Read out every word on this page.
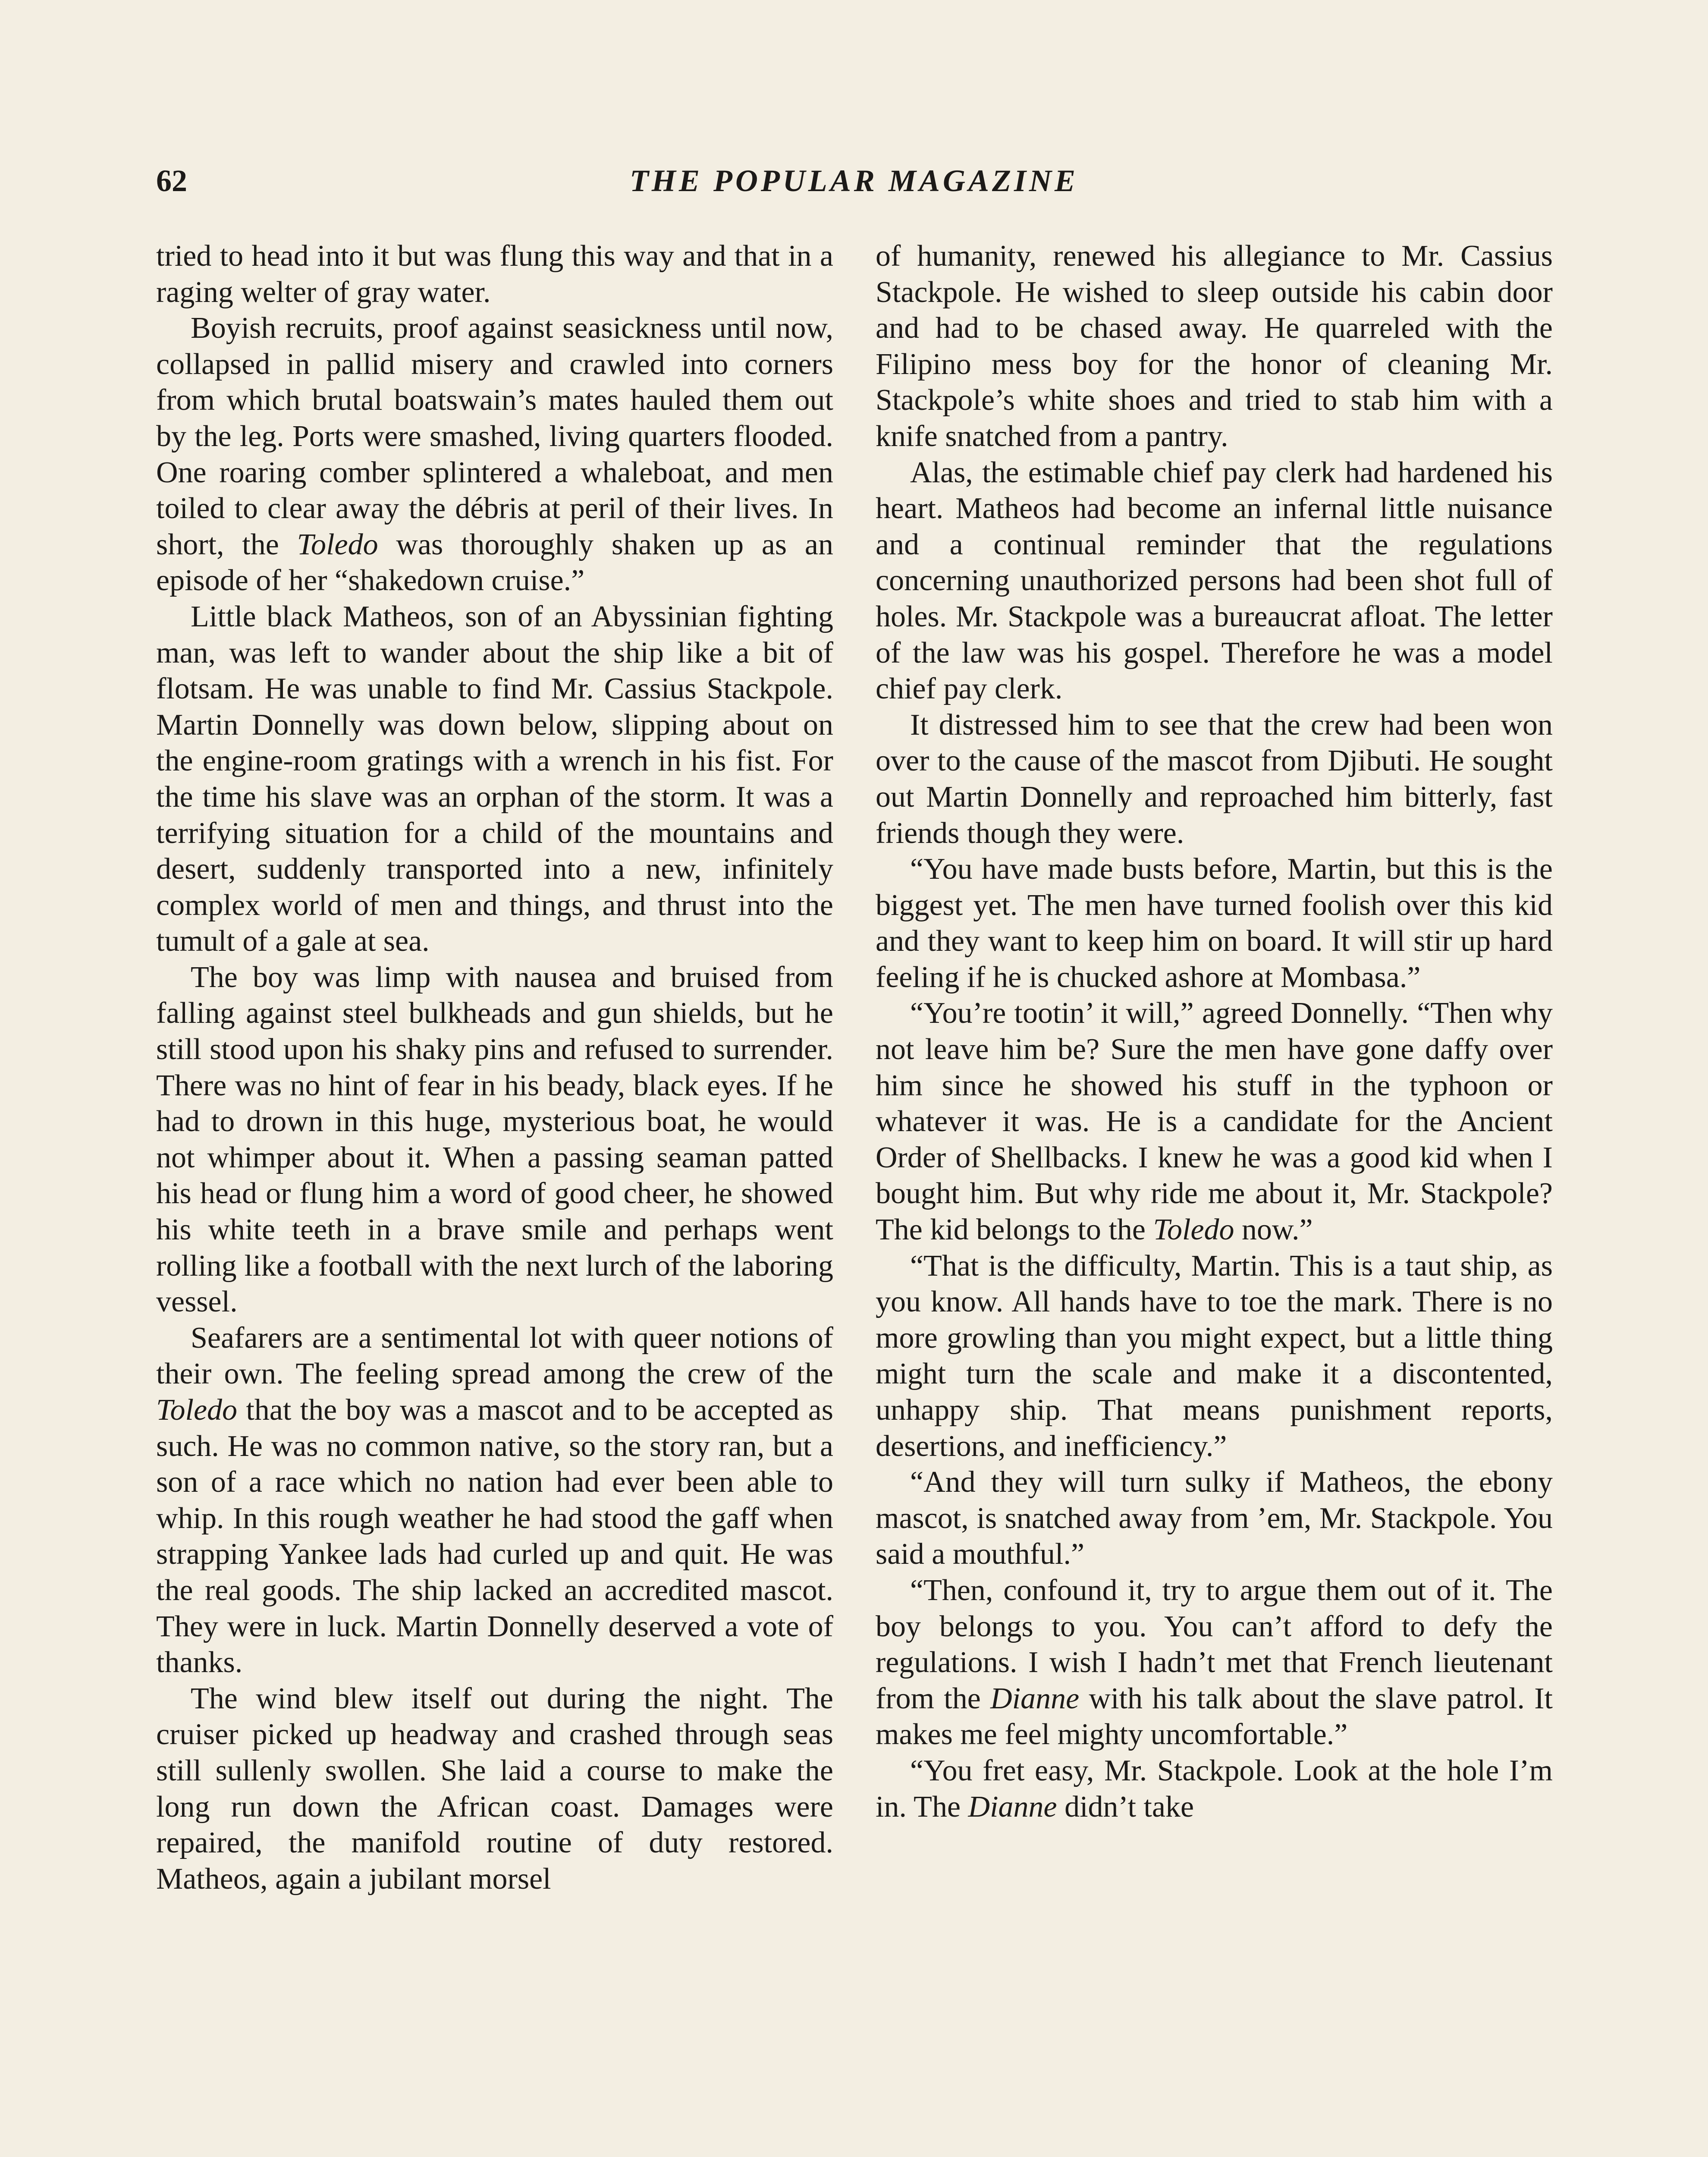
62	THE POPULAR MAGAZINE

tried to head into it but was flung this way and that in a raging welter of gray water.

Boyish recruits, proof against seasickness until now, collapsed in pallid misery and crawled into corners from which brutal boatswain’s mates hauled them out by the leg. Ports were smashed, living quarters flooded. One roaring comber splintered a whaleboat, and men toiled to clear away the débris at peril of their lives. In short, the Toledo was thoroughly shaken up as an episode of her “shakedown cruise.”

Little black Matheos, son of an Abyssinian fighting man, was left to wander about the ship like a bit of flotsam. He was unable to find Mr. Cassius Stackpole. Martin Donnelly was down below, slipping about on the engine-room gratings with a wrench in his fist. For the time his slave was an orphan of the storm. It was a terrifying situation for a child of the mountains and desert, suddenly transported into a new, infinitely complex world of men and things, and thrust into the tumult of a gale at sea.

The boy was limp with nausea and bruised from falling against steel bulkheads and gun shields, but he still stood upon his shaky pins and refused to surrender. There was no hint of fear in his beady, black eyes. If he had to drown in this huge, mysterious boat, he would not whimper about it. When a passing seaman patted his head or flung him a word of good cheer, he showed his white teeth in a brave smile and perhaps went rolling like a football with the next lurch of the laboring vessel.

Seafarers are a sentimental lot with queer notions of their own. The feeling spread among the crew of the Toledo that the boy was a mascot and to be accepted as such. He was no common native, so the story ran, but a son of a race which no nation had ever been able to whip. In this rough weather he had stood the gaff when strapping Yankee lads had curled up and quit. He was the real goods. The ship lacked an accredited mascot. They were in luck. Martin Donnelly deserved a vote of thanks.

The wind blew itself out during the night. The cruiser picked up headway and crashed through seas still sullenly swollen. She laid a course to make the long run down the African coast. Damages were repaired, the manifold routine of duty restored. Matheos, again a jubilant morsel

of humanity, renewed his allegiance to Mr. Cassius Stackpole. He wished to sleep outside his cabin door and had to be chased away. He quarreled with the Filipino mess boy for the honor of cleaning Mr. Stackpole’s white shoes and tried to stab him with a knife snatched from a pantry.

Alas, the estimable chief pay clerk had hardened his heart. Matheos had become an infernal little nuisance and a continual reminder that the regulations concerning unauthorized persons had been shot full of holes. Mr. Stackpole was a bureaucrat afloat. The letter of the law was his gospel. Therefore he was a model chief pay clerk.

It distressed him to see that the crew had been won over to the cause of the mascot from Djibuti. He sought out Martin Donnelly and reproached him bitterly, fast friends though they were.

“You have made busts before, Martin, but this is the biggest yet. The men have turned foolish over this kid and they want to keep him on board. It will stir up hard feeling if he is chucked ashore at Mombasa.”

“You’re tootin’ it will,” agreed Donnelly. “Then why not leave him be? Sure the men have gone daffy over him since he showed his stuff in the typhoon or whatever it was. He is a candidate for the Ancient Order of Shellbacks. I knew he was a good kid when I bought him. But why ride me about it, Mr. Stackpole? The kid belongs to the Toledo now.”

“That is the difficulty, Martin. This is a taut ship, as you know. All hands have to toe the mark. There is no more growling than you might expect, but a little thing might turn the scale and make it a discontented, unhappy ship. That means punishment reports, desertions, and inefficiency.”

“And they will turn sulky if Matheos, the ebony mascot, is snatched away from ’em, Mr. Stackpole. You said a mouthful.”

“Then, confound it, try to argue them out of it. The boy belongs to you. You can’t afford to defy the regulations. I wish I hadn’t met that French lieutenant from the Dianne with his talk about the slave patrol. It makes me feel mighty uncomfortable.”

“You fret easy, Mr. Stackpole. Look at the hole I’m in. The Dianne didn’t take
